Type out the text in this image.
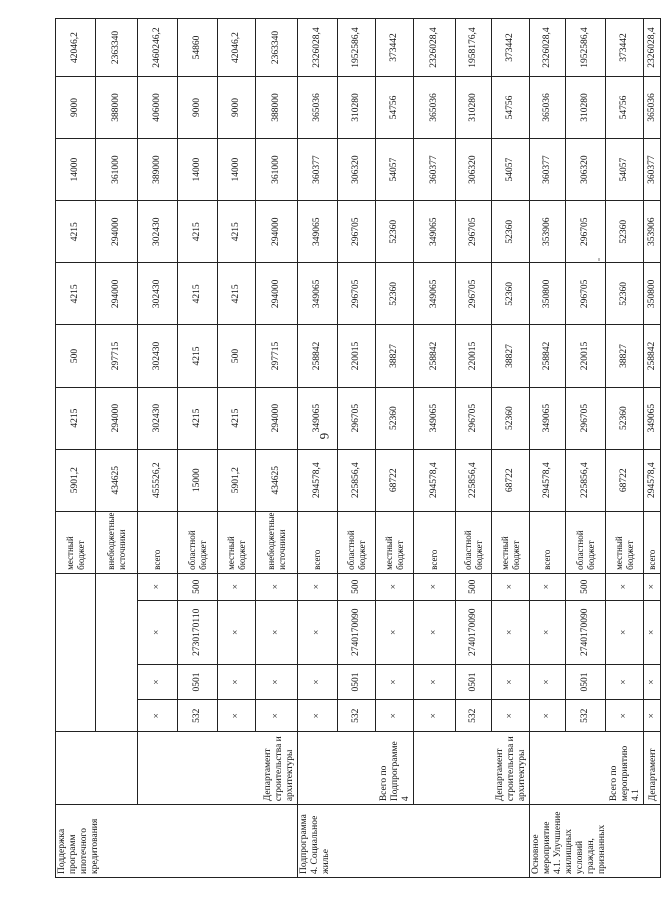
6
Поддержка программ ипотечного кредитования						местный бюджет	5901,2	4215	500	4215	4215	14000	9000	42046,2
						внебюджетные источники	434625	294000	297715	294000	294000	361000	388000	2363340
	Департамент строительства и архитектуры	×	×	×	×	всего	455526,2	302430	302430	302430	302430	389000	406000	2460246,2
		532	0501	2730170110	500	областной бюджет	15000	4215	4215	4215	4215	14000	9000	54860
		×	×	×	×	местный бюджет	5901,2	4215	500	4215	4215	14000	9000	42046,2
		×	×	×	×	внебюджетные источники	434625	294000	297715	294000	294000	361000	388000	2363340
Подпрограмма 4. Социальное жилье	Всего по Подпрограмме 4	×	×	×	×	всего	294578,4	349065	258842	349065	349065	360377	365036	2326028,4
		532	0501	2740170090	500	областной бюджет	225856,4	296705	220015	296705	296705	306320	310280	1952586,4
		×	×	×	×	местный бюджет	68722	52360	38827	52360	52360	54057	54756	373442
	Департамент строительства и архитектуры	×	×	×	×	всего	294578,4	349065	258842	349065	349065	360377	365036	2326028,4
		532	0501	2740170090	500	областной бюджет	225856,4	296705	220015	296705	296705	306320	310280	1958176,4
		×	×	×	×	местный бюджет	68722	52360	38827	52360	52360	54057	54756	373442
Основное мероприятие 4.1. Улучшение жилищных условий граждан, признанных	Всего по мероприятию 4.1	×	×	×	×	всего	294578,4	349065	258842	350800	353906	360377	365036	2326028,4
		532	0501	2740170090	500	областной бюджет	225856,4	296705	220015	296705	296705	306320	310280	1952586,4
		×	×	×	×	местный бюджет	68722	52360	38827	52360	52360	54057	54756	373442
	Департамент	×	×	×	×	всего	294578,4	349065	258842	350800	353906	360377	365036	2326028,4
